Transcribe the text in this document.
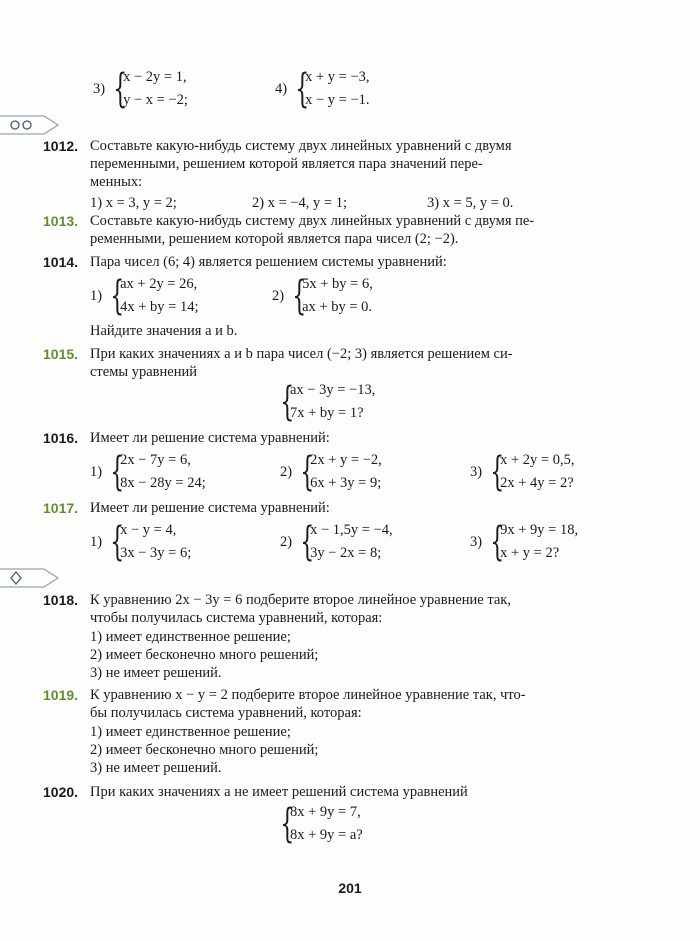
3) {
x − 2y = 1,
y − x = −2;
4) {
x + y = −3,
x − y = −1.
1012. Составьте какую-нибудь систему двух линейных уравнений с двумя
переменными, решением которой является пара значений пере-
менных:
1) x = 3, y = 2;	2) x = −4, y = 1;	3) x = 5, y = 0.
1013. Составьте какую-нибудь систему двух линейных уравнений с двумя пе-
ременными, решением которой является пара чисел (2; −2).
1014. Пара чисел (6; 4) является решением системы уравнений:
1) {
ax + 2y = 26,
4x + by = 14;
2) {
5x + by = 6,
ax + by = 0.
Найдите значения a и b.
1015. При каких значениях a и b пара чисел (−2; 3) является решением си-
стемы уравнений
{
ax − 3y = −13,
7x + by = 1?
1016. Имеет ли решение система уравнений:
1) {
2x − 7y = 6,
8x − 28y = 24;
2) {
2x + y = −2,
6x + 3y = 9;
3) {
x + 2y = 0,5,
2x + 4y = 2?
1017. Имеет ли решение система уравнений:
1) {
x − y = 4,
3x − 3y = 6;
2) {
x − 1,5y = −4,
3y − 2x = 8;
3) {
9x + 9y = 18,
x + y = 2?
1018. К уравнению 2x − 3y = 6 подберите второе линейное уравнение так,
чтобы получилась система уравнений, которая:
1) имеет единственное решение;
2) имеет бесконечно много решений;
3) не имеет решений.
1019. К уравнению x − y = 2 подберите второе линейное уравнение так, что-
бы получилась система уравнений, которая:
1) имеет единственное решение;
2) имеет бесконечно много решений;
3) не имеет решений.
1020. При каких значениях a не имеет решений система уравнений
{
8x + 9y = 7,
8x + 9y = a?
201
